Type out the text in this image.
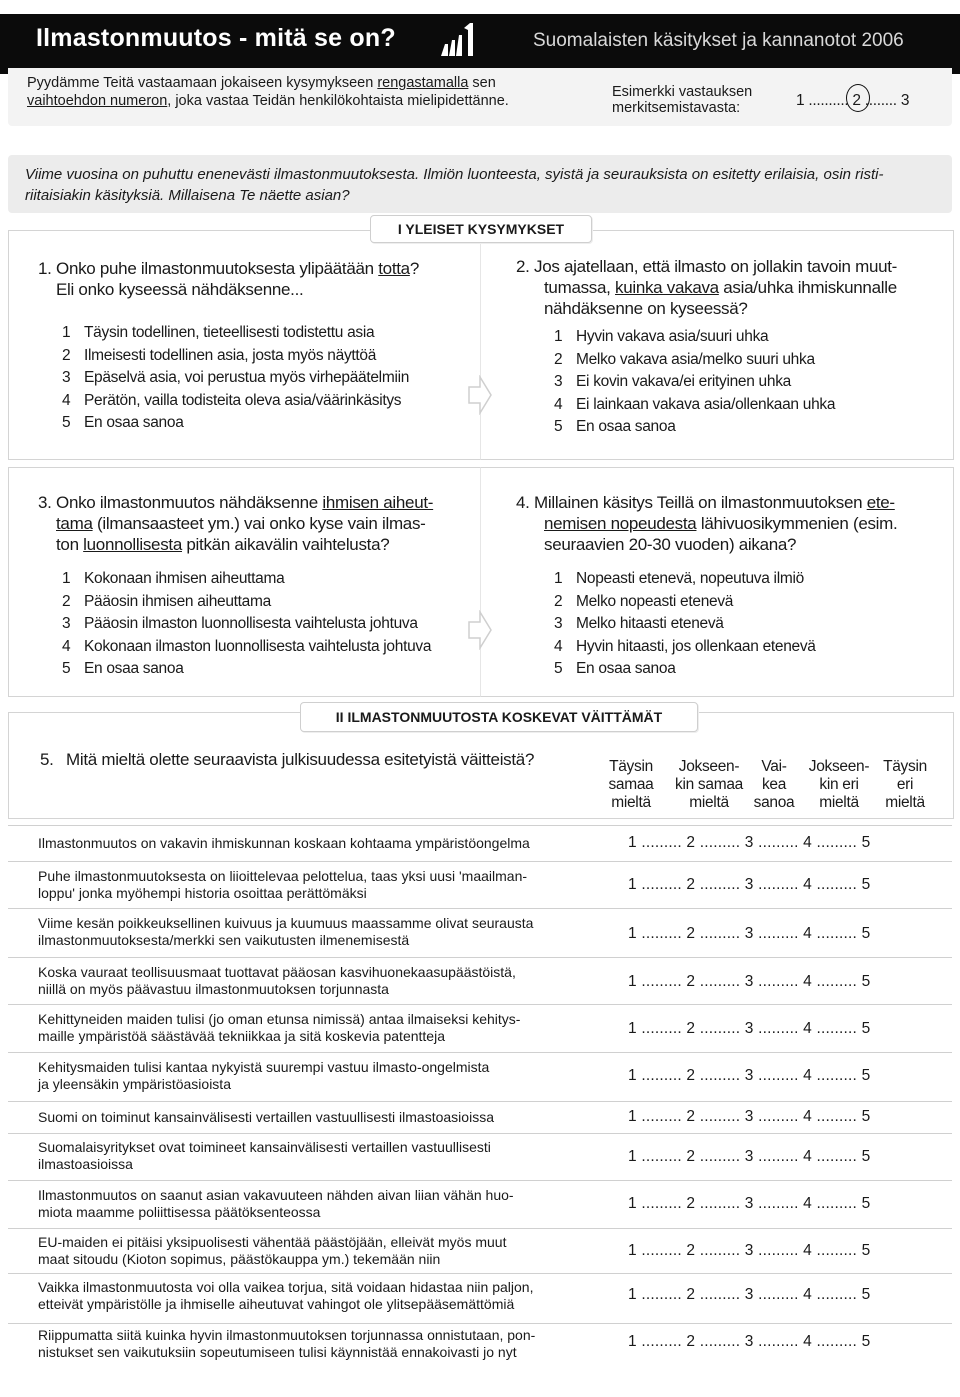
Ilmastonmuutos - mitä se on?	Suomalaisten käsitykset ja kannanotot 2006
Pyydämme Teitä vastaamaan jokaiseen kysymykseen rengastamalla sen
vaihtoehdon numeron, joka vastaa Teidän henkilökohtaista mielipidettänne.
Esimerkki vastauksen merkitsemistavasta:	1 .......... 2 ........ 3
Viime vuosina on puhuttu enenevästi ilmastonmuutoksesta. Ilmiön luonteesta, syistä ja seurauksista on esitetty erilaisia, osin risti-riitaisiakin käsityksiä. Millaisena Te näette asian?
I YLEISET KYSYMYKSET
1. Onko puhe ilmastonmuutoksesta ylipäätään totta?
Eli onko kyseessä nähdäksenne...
1 Täysin todellinen, tieteellisesti todistettu asia
2 Ilmeisesti todellinen asia, josta myös näyttöä
3 Epäselvä asia, voi perustua myös virhepäätelmiin
4 Perätön, vailla todisteita oleva asia/väärinkäsitys
5 En osaa sanoa
2. Jos ajatellaan, että ilmasto on jollakin tavoin muut-
tumassa, kuinka vakava asia/uhka ihmiskunnalle
nähdäksenne on kyseessä?
1 Hyvin vakava asia/suuri uhka
2 Melko vakava asia/melko suuri uhka
3 Ei kovin vakava/ei erityinen uhka
4 Ei lainkaan vakava asia/ollenkaan uhka
5 En osaa sanoa
3. Onko ilmastonmuutos nähdäksenne ihmisen aiheut-
tama (ilmansaasteet ym.) vai onko kyse vain ilmas-
ton luonnollisesta pitkän aikavälin vaihtelusta?
1 Kokonaan ihmisen aiheuttama
2 Pääosin ihmisen aiheuttama
3 Pääosin ilmaston luonnollisesta vaihtelusta johtuva
4 Kokonaan ilmaston luonnollisesta vaihtelusta johtuva
5 En osaa sanoa
4. Millainen käsitys Teillä on ilmastonmuutoksen ete-
nemisen nopeudesta lähivuosikymmenien (esim.
seuraavien 20-30 vuoden) aikana?
1 Nopeasti etenevä, nopeutuva ilmiö
2 Melko nopeasti etenevä
3 Melko hitaasti etenevä
4 Hyvin hitaasti, jos ollenkaan etenevä
5 En osaa sanoa
II ILMASTONMUUTOSTA KOSKEVAT VÄITTÄMÄT
5. Mitä mieltä olette seuraavista julkisuudessa esitetyistä väitteistä?	Täysin
samaa
mieltä
Jokseen-
kin samaa
mieltä
Vai-
kea
sanoa
Jokseen-
kin eri
mieltä
Täysin
eri
mieltä
Ilmastonmuutos on vakavin ihmiskunnan koskaan kohtaama ympäristöongelma	1 ......... 2 ......... 3 ......... 4 ......... 5
Puhe ilmastonmuutoksesta on liioittelevaa pelottelua, taas yksi uusi 'maailman-
loppu' jonka myöhempi historia osoittaa perättömäksi	1 ......... 2 ......... 3 ......... 4 ......... 5
Viime kesän poikkeuksellinen kuivuus ja kuumuus maassamme olivat seurausta
ilmastonmuutoksesta/merkki sen vaikutusten ilmenemisestä	1 ......... 2 ......... 3 ......... 4 ......... 5
Koska vauraat teollisuusmaat tuottavat pääosan kasvihuonekaasupäästöistä,
niillä on myös päävastuu ilmastonmuutoksen torjunnasta	1 ......... 2 ......... 3 ......... 4 ......... 5
Kehittyneiden maiden tulisi (jo oman etunsa nimissä) antaa ilmaiseksi kehitys-
maille ympäristöä säästävää tekniikkaa ja sitä koskevia patentteja	1 ......... 2 ......... 3 ......... 4 ......... 5
Kehitysmaiden tulisi kantaa nykyistä suurempi vastuu ilmasto-ongelmista
ja yleensäkin ympäristöasioista	1 ......... 2 ......... 3 ......... 4 ......... 5
Suomi on toiminut kansainvälisesti vertaillen vastuullisesti ilmastoasioissa	1 ......... 2 ......... 3 ......... 4 ......... 5
Suomalaisyritykset ovat toimineet kansainvälisesti vertaillen vastuullisesti
ilmastoasioissa	1 ......... 2 ......... 3 ......... 4 ......... 5
Ilmastonmuutos on saanut asian vakavuuteen nähden aivan liian vähän huo-
miota maamme poliittisessa päätöksenteossa	1 ......... 2 ......... 3 ......... 4 ......... 5
EU-maiden ei pitäisi yksipuolisesti vähentää päästöjään, elleivät myös muut
maat sitoudu (Kioton sopimus, päästökauppa ym.) tekemään niin	1 ......... 2 ......... 3 ......... 4 ......... 5
Vaikka ilmastonmuutosta voi olla vaikea torjua, sitä voidaan hidastaa niin paljon,
etteivät ympäristölle ja ihmiselle aiheutuvat vahingot ole ylitsepääsemättömiä
1 ......... 2 ......... 3 ......... 4 ......... 5
Riippumatta siitä kuinka hyvin ilmastonmuutoksen torjunnassa onnistutaan, pon-
nistukset sen vaikutuksiin sopeutumiseen tulisi käynnistää ennakoivasti jo nyt
1 ......... 2 ......... 3 ......... 4 ......... 5
